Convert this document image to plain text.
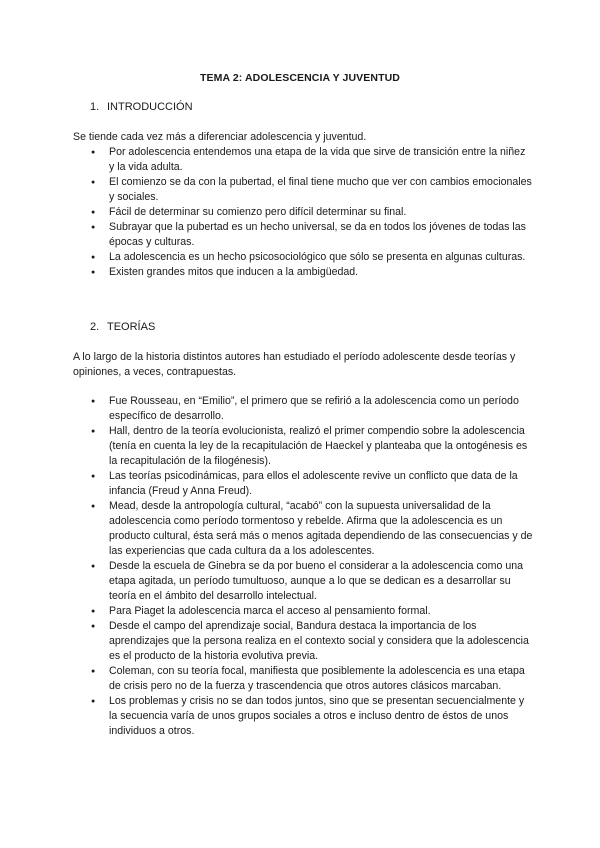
TEMA 2: ADOLESCENCIA Y JUVENTUD
1. INTRODUCCIÓN
Se tiende cada vez más a diferenciar adolescencia y juventud.
● Por adolescencia entendemos una etapa de la vida que sirve de transición entre la niñez y la vida adulta.
● El comienzo se da con la pubertad, el final tiene mucho que ver con cambios emocionales y sociales.
● Fácil de determinar su comienzo pero difícil determinar su final.
● Subrayar que la pubertad es un hecho universal, se da en todos los jóvenes de todas las épocas y culturas.
● La adolescencia es un hecho psicosociológico que sólo se presenta en algunas culturas.
● Existen grandes mitos que inducen a la ambigüedad.
2. TEORÍAS
A lo largo de la historia distintos autores han estudiado el período adolescente desde teorías y opiniones, a veces, contrapuestas.
● Fue Rousseau, en “Emilio”, el primero que se refirió a la adolescencia como un período específico de desarrollo.
● Hall, dentro de la teoría evolucionista, realizó el primer compendio sobre la adolescencia (tenía en cuenta la ley de la recapitulación de Haeckel y planteaba que la ontogénesis es la recapitulación de la filogénesis).
● Las teorías psicodinámicas, para ellos el adolescente revive un conflicto que data de la infancia (Freud y Anna Freud).
● Mead, desde la antropología cultural, “acabó” con la supuesta universalidad de la adolescencia como período tormentoso y rebelde. Afirma que la adolescencia es un producto cultural, ésta será más o menos agitada dependiendo de las consecuencias y de las experiencias que cada cultura da a los adolescentes.
● Desde la escuela de Ginebra se da por bueno el considerar a la adolescencia como una etapa agitada, un período tumultuoso, aunque a lo que se dedican es a desarrollar su teoría en el ámbito del desarrollo intelectual.
● Para Piaget la adolescencia marca el acceso al pensamiento formal.
● Desde el campo del aprendizaje social, Bandura destaca la importancia de los aprendizajes que la persona realiza en el contexto social y considera que la adolescencia es el producto de la historia evolutiva previa.
● Coleman, con su teoría focal, manifiesta que posiblemente la adolescencia es una etapa de crisis pero no de la fuerza y trascendencia que otros autores clásicos marcaban.
● Los problemas y crisis no se dan todos juntos, sino que se presentan secuencialmente y la secuencia varía de unos grupos sociales a otros e incluso dentro de éstos de unos individuos a otros.
